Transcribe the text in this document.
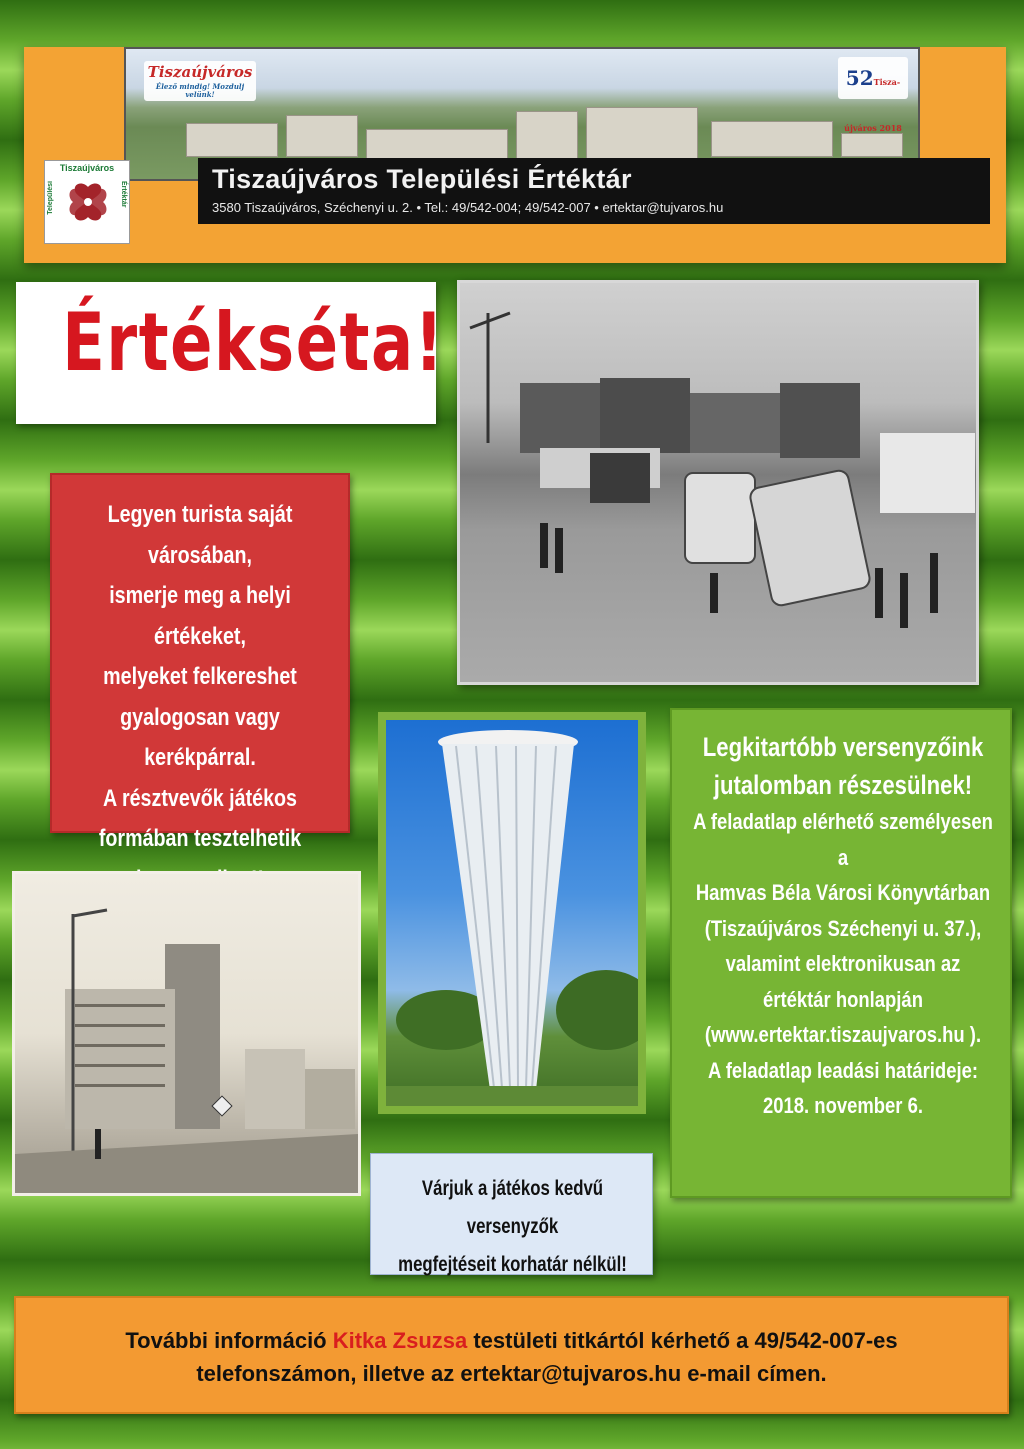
Tiszaújváros
Élező mindig! Mozdulj velünk!
52Tisza-újváros 2018
Tiszaújváros
Települési	Értéktár
Tiszaújváros Települési Értéktár
3580 Tiszaújváros, Széchenyi u. 2. • Tel.: 49/542-004; 49/542-007 • ertektar@tujvaros.hu
Értékséta!
Legyen turista saját városában,
ismerje meg a helyi értékeket,
melyeket felkereshet
gyalogosan vagy kerékpárral.
A résztvevők játékos
formában tesztelhetik
Legkitartóbb versenyzőink
jutalomban részesülnek!
A feladatlap elérhető személyesen a
Hamvas Béla Városi Könyvtárban
(Tiszaújváros Széchenyi u. 37.),
valamint elektronikusan az
értéktár honlapján
(www.ertektar.tiszaujvaros.hu ).
A feladatlap leadási határideje:
2018. november 6.
Várjuk a játékos kedvű versenyzők
megfejtéseit korhatár nélkül!
További információ Kitka Zsuzsa testületi titkártól kérhető a 49/542-007-es
telefonszámon, illetve az ertektar@tujvaros.hu e-mail címen.
